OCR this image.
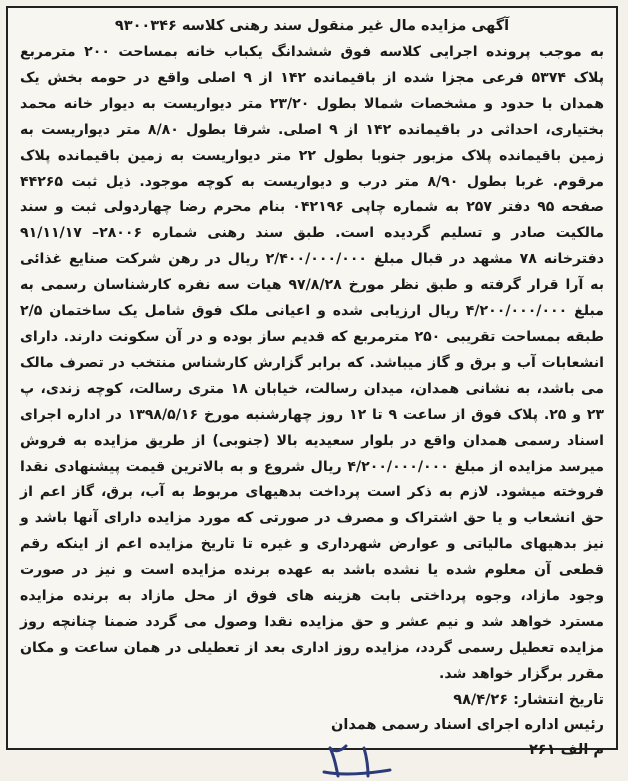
آگهی مزایده مال غیر منقول سند رهنی کلاسه ۹۳۰۰۳۴۶

به موجب پرونده اجرایی کلاسه فوق ششدانگ یکباب خانه بمساحت ۲۰۰ مترمربع پلاک ۵۳۷۴ فرعی مجزا شده از باقیمانده ۱۴۲ از ۹ اصلی واقع در حومه بخش یک همدان با حدود و مشخصات شمالا بطول ۲۳/۲۰ متر دیواریست به دیوار خانه محمد بختیاری، احداثی در باقیمانده ۱۴۲ از ۹ اصلی. شرقا بطول ۸/۸۰ متر دیواریست به زمین باقیمانده پلاک مزبور جنوبا بطول ۲۲ متر دیواریست به زمین باقیمانده پلاک مرقوم. غربا بطول ۸/۹۰ متر درب و دیواریست به کوچه موجود. ذیل ثبت ۴۴۲۶۵ صفحه ۹۵ دفتر ۲۵۷ به شماره چاپی ۰۴۲۱۹۶ بنام محرم رضا چهاردولی ثبت و سند مالکیت صادر و تسلیم گردیده است. طبق سند رهنی شماره ۲۸۰۰۶– ۹۱/۱۱/۱۷ دفترخانه ۷۸ مشهد در قبال مبلغ ۲/۴۰۰/۰۰۰/۰۰۰ ریال در رهن شرکت صنایع غذائی به آرا قرار گرفته و طبق نظر مورخ ۹۷/۸/۲۸ هیات سه نفره کارشناسان رسمی به مبلغ ۴/۲۰۰/۰۰۰/۰۰۰ ریال ارزیابی شده و اعیانی ملک فوق شامل یک ساختمان ۲/۵ طبقه بمساحت تقریبی ۲۵۰ مترمربع که قدیم ساز بوده و در آن سکونت دارند. دارای انشعابات آب و برق و گاز میباشد. که برابر گزارش کارشناس منتخب در تصرف مالک می باشد، به نشانی همدان، میدان رسالت، خیابان ۱۸ متری رسالت، کوچه زندی، پ ۲۳ و ۲۵. پلاک فوق از ساعت ۹ تا ۱۲ روز چهارشنبه مورخ ۱۳۹۸/۵/۱۶ در اداره اجرای اسناد رسمی همدان واقع در بلوار سعیدیه بالا (جنوبی) از طریق مزایده به فروش میرسد مزایده از مبلغ ۴/۲۰۰/۰۰۰/۰۰۰ ریال شروع و به بالاترین قیمت پیشنهادی نقدا فروخته میشود. لازم به ذکر است پرداخت بدهیهای مربوط به آب، برق، گاز اعم از حق انشعاب و یا حق اشتراک و مصرف در صورتی که مورد مزایده دارای آنها باشد و نیز بدهیهای مالیاتی و عوارض شهرداری و غیره تا تاریخ مزایده اعم از اینکه رقم قطعی آن معلوم شده یا نشده باشد به عهده برنده مزایده است و نیز در صورت وجود مازاد، وجوه پرداختی بابت هزینه های فوق از محل مازاد به برنده مزایده مسترد خواهد شد و نیم عشر و حق مزایده نقدا وصول می گردد ضمنا چنانچه روز مزایده تعطیل رسمی گردد، مزایده روز اداری بعد از تعطیلی در همان ساعت و مکان مقرر برگزار خواهد شد.

تاریخ انتشار: ۹۸/۴/۲۶

رئیس اداره اجرای اسناد رسمی همدان

م الف ۲۶۱
